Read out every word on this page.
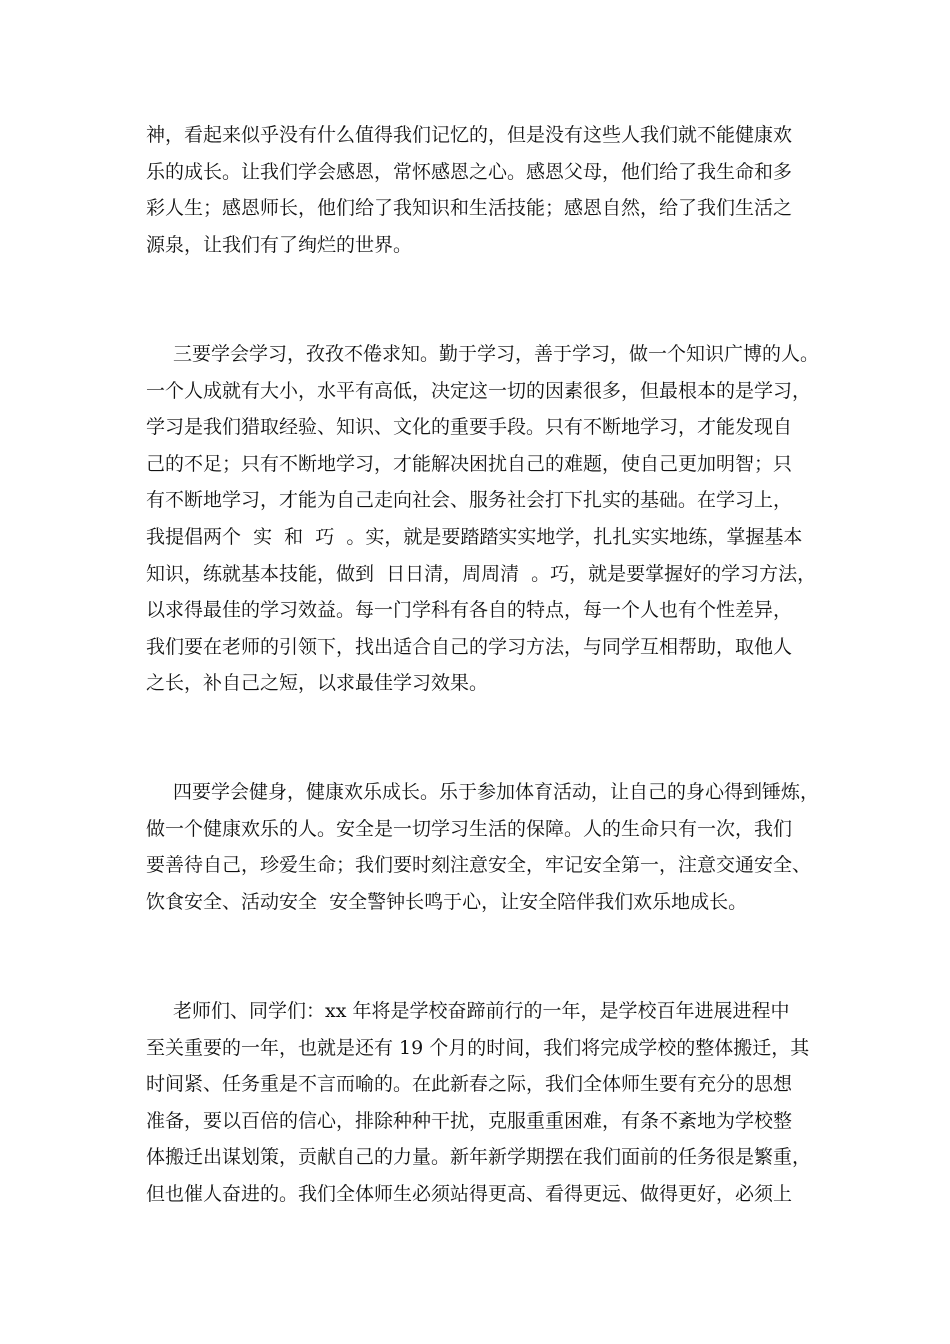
神，看起来似乎没有什么值得我们记忆的，但是没有这些人我们就不能健康欢
乐的成长。让我们学会感恩，常怀感恩之心。感恩父母，他们给了我生命和多
彩人生；感恩师长，他们给了我知识和生活技能；感恩自然，给了我们生活之
源泉，让我们有了绚烂的世界。
三要学会学习，孜孜不倦求知。勤于学习，善于学习，做一个知识广博的人。
一个人成就有大小，水平有高低，决定这一切的因素很多，但最根本的是学习，
学习是我们猎取经验、知识、文化的重要手段。只有不断地学习，才能发现自
己的不足；只有不断地学习，才能解决困扰自己的难题，使自己更加明智；只
有不断地学习，才能为自己走向社会、服务社会打下扎实的基础。在学习上，
我提倡两个  实  和  巧  。实，就是要踏踏实实地学，扎扎实实地练，掌握基本
知识，练就基本技能，做到  日日清，周周清  。巧，就是要掌握好的学习方法，
以求得最佳的学习效益。每一门学科有各自的特点，每一个人也有个性差异，
我们要在老师的引领下，找出适合自己的学习方法，与同学互相帮助，取他人
之长，补自己之短，以求最佳学习效果。
四要学会健身，健康欢乐成长。乐于参加体育活动，让自己的身心得到锤炼，
做一个健康欢乐的人。安全是一切学习生活的保障。人的生命只有一次，我们
要善待自己，珍爱生命；我们要时刻注意安全，牢记安全第一，注意交通安全、
饮食安全、活动安全  安全警钟长鸣于心，让安全陪伴我们欢乐地成长。
老师们、同学们：xx 年将是学校奋蹄前行的一年，是学校百年进展进程中
至关重要的一年，也就是还有 19 个月的时间，我们将完成学校的整体搬迁，其
时间紧、任务重是不言而喻的。在此新春之际，我们全体师生要有充分的思想
准备，要以百倍的信心，排除种种干扰，克服重重困难，有条不紊地为学校整
体搬迁出谋划策，贡献自己的力量。新年新学期摆在我们面前的任务很是繁重，
但也催人奋进的。我们全体师生必须站得更高、看得更远、做得更好，必须上
